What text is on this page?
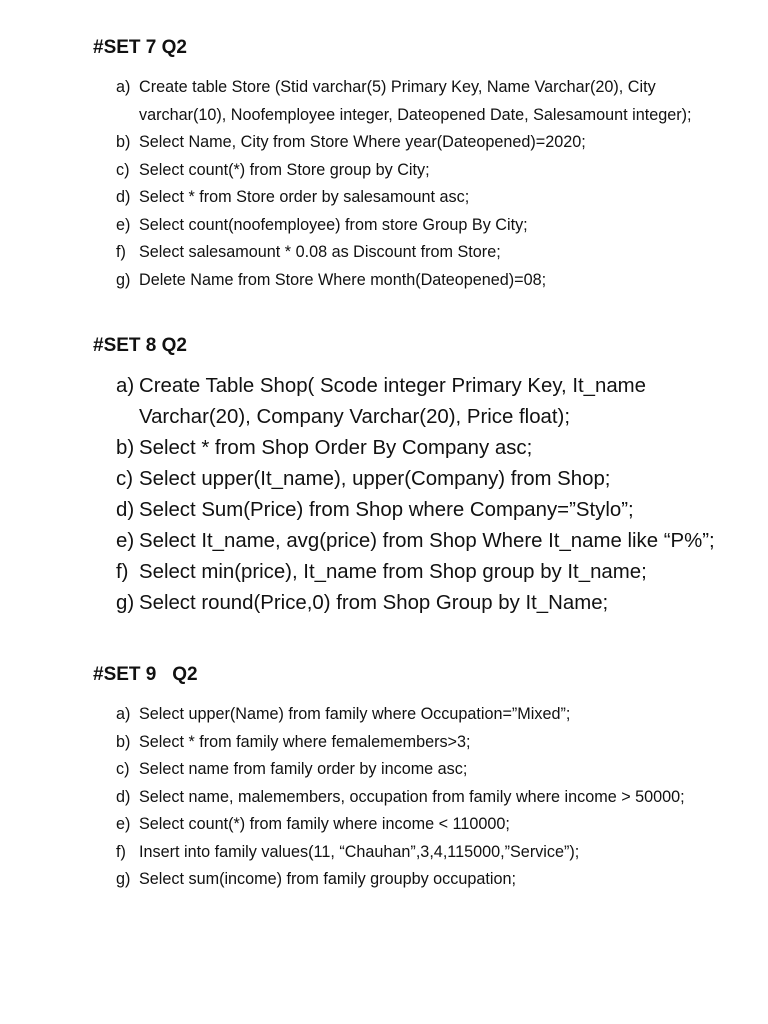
#SET 7 Q2
a) Create table Store (Stid varchar(5) Primary Key, Name Varchar(20), City varchar(10), Noofemployee integer, Dateopened Date, Salesamount integer);
b) Select Name, City from Store Where year(Dateopened)=2020;
c) Select count(*) from Store group by City;
d) Select * from Store order by salesamount asc;
e) Select count(noofemployee) from store Group By City;
f) Select salesamount * 0.08 as Discount from Store;
g) Delete Name from Store Where month(Dateopened)=08;
#SET 8 Q2
a) Create Table Shop( Scode integer Primary Key, It_name Varchar(20), Company Varchar(20), Price float);
b) Select * from Shop Order By Company asc;
c) Select upper(It_name), upper(Company) from Shop;
d) Select Sum(Price) from Shop where Company=”Stylo”;
e) Select It_name, avg(price) from Shop Where It_name like “P%”;
f) Select min(price), It_name from Shop group by It_name;
g) Select round(Price,0) from Shop Group by It_Name;
#SET 9   Q2
a) Select upper(Name) from family where Occupation=”Mixed”;
b) Select * from family where femalemembers>3;
c) Select name from family order by income asc;
d) Select name, malemembers, occupation from family where income > 50000;
e) Select count(*) from family where income < 110000;
f) Insert into family values(11, “Chauhan”,3,4,115000,”Service”);
g) Select sum(income) from family groupby occupation;
